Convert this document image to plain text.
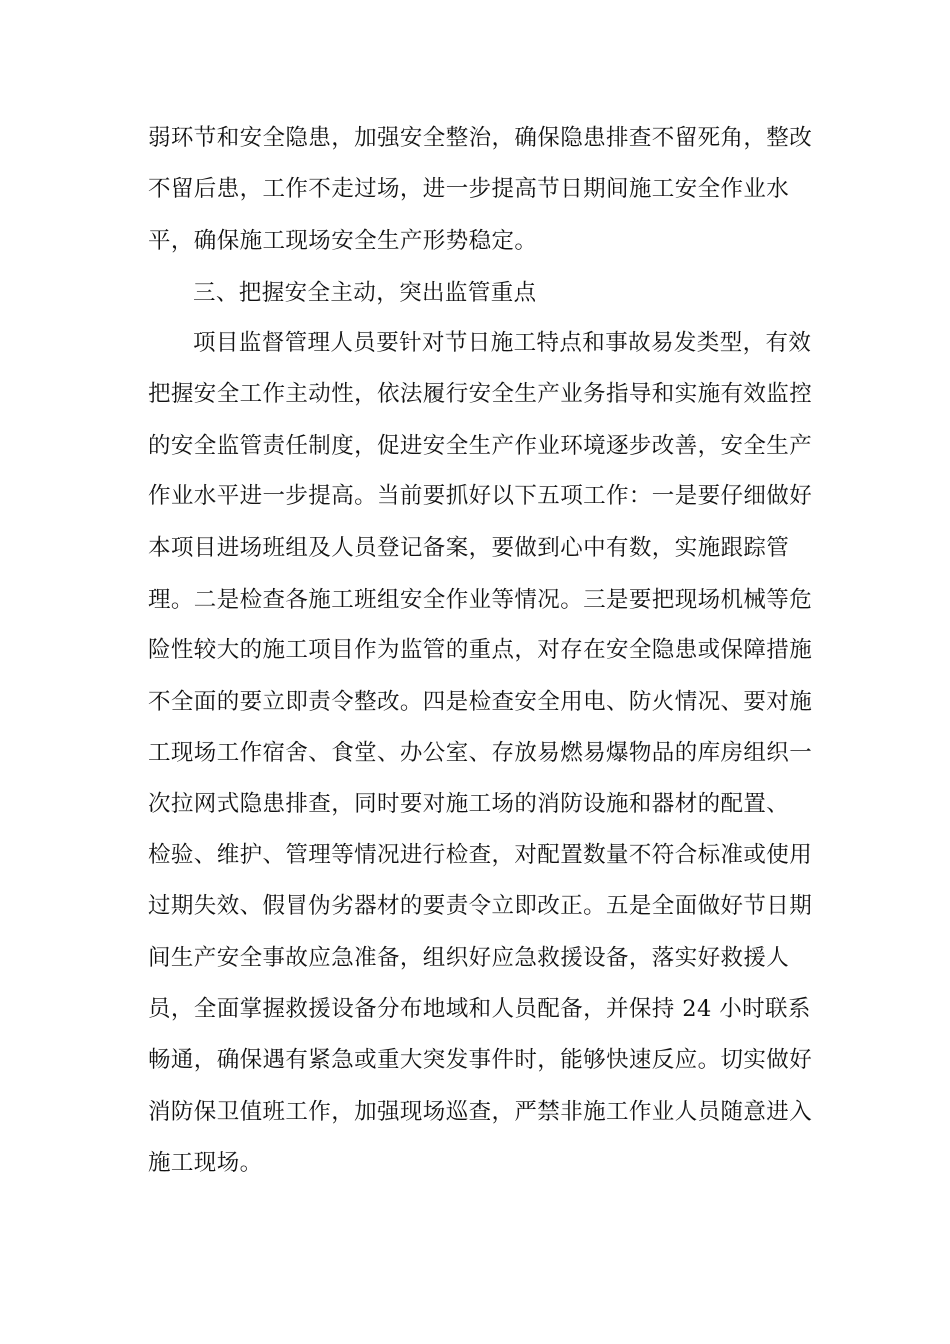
弱环节和安全隐患，加强安全整治，确保隐患排查不留死角，整改
不留后患，工作不走过场，进一步提高节日期间施工安全作业水
平，确保施工现场安全生产形势稳定。
三、把握安全主动，突出监管重点
项目监督管理人员要针对节日施工特点和事故易发类型，有效
把握安全工作主动性，依法履行安全生产业务指导和实施有效监控
的安全监管责任制度，促进安全生产作业环境逐步改善，安全生产
作业水平进一步提高。当前要抓好以下五项工作：一是要仔细做好
本项目进场班组及人员登记备案，要做到心中有数，实施跟踪管
理。二是检查各施工班组安全作业等情况。三是要把现场机械等危
险性较大的施工项目作为监管的重点，对存在安全隐患或保障措施
不全面的要立即责令整改。四是检查安全用电、防火情况、要对施
工现场工作宿舍、食堂、办公室、存放易燃易爆物品的库房组织一
次拉网式隐患排查，同时要对施工场的消防设施和器材的配置、
检验、维护、管理等情况进行检查，对配置数量不符合标准或使用
过期失效、假冒伪劣器材的要责令立即改正。五是全面做好节日期
间生产安全事故应急准备，组织好应急救援设备，落实好救援人
员，全面掌握救援设备分布地域和人员配备，并保持 24 小时联系
畅通，确保遇有紧急或重大突发事件时，能够快速反应。切实做好
消防保卫值班工作，加强现场巡查，严禁非施工作业人员随意进入
施工现场。
